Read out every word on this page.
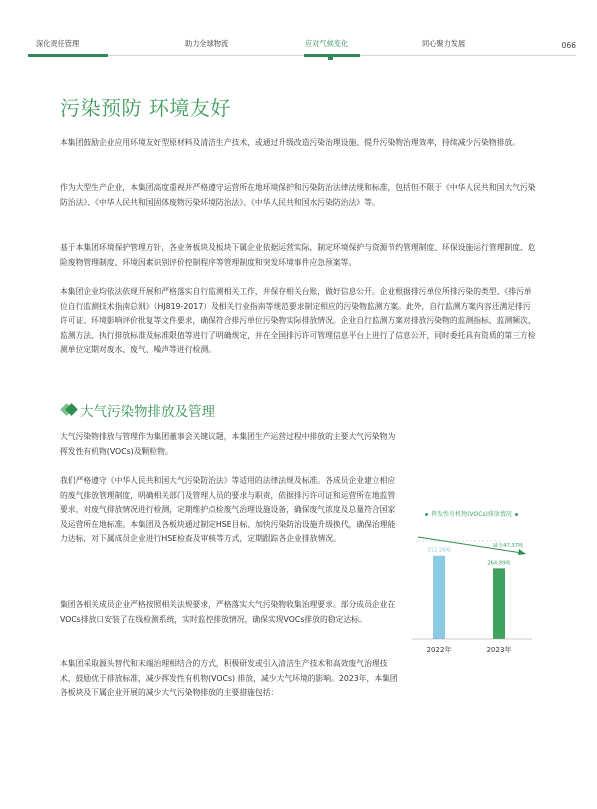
深化责任管理	助力全球物流	应对气候变化	同心聚力发展	066
污染预防 环境友好

本集团鼓励企业应用环境友好型原材料及清洁生产技术，或通过升级改造污染治理设施、提升污染物治理效率，持续减少污染物排放。

作为大型生产企业，本集团高度重视并严格遵守运营所在地环境保护和污染防治法律法规和标准，包括但不限于《中华人民共和国大气污染防治法》、《中华人民共和国固体废物污染环境防治法》、《中华人民共和国水污染防治法》等。

基于本集团环境保护管理方针，各业务板块及板块下属企业依据运营实际，制定环境保护与资源节约管理制度、环保设施运行管理制度、危险废物管理制度、环境因素识别评价控制程序等管理制度和突发环境事件应急预案等。

本集团企业均依法依规开展和严格落实自行监测相关工作，并保存相关台账，做好信息公开。企业根据排污单位所排污染的类型、《排污单位自行监测技术指南总则》（HJ819-2017）及相关行业指南等规范要求制定相应的污染物监测方案。此外，自行监测方案内容还满足排污许可证、环境影响评价批复等文件要求，确保符合排污单位污染物实际排放情况。企业自行监测方案对排放污染物的监测指标、监测频次、监测方法、执行排放标准及标准限值等进行了明确规定，并在全国排污许可管理信息平台上进行了信息公开，同时委托具有资质的第三方检测单位定期对废水、废气、噪声等进行检测。

大气污染物排放及管理

大气污染物排放与管理作为集团董事会关键议题，本集团生产运营过程中排放的主要大气污染物为挥发性有机物(VOCs)及颗粒物。

我们严格遵守《中华人民共和国大气污染防治法》等适用的法律法规及标准。各成员企业建立相应的废气排放管理制度，明确相关部门及管理人员的要求与职责，依据排污许可证和运营所在地监管要求，对废气排放情况进行检测，定期维护点检废气治理设施设备，确保废气浓度及总量符合国家及运营所在地标准。本集团及各板块通过制定HSE目标、加快污染防治设施升级换代，确保治理能力达标，对下属成员企业进行HSE检查及审核等方式，定期跟踪各企业排放情况。

集团各相关成员企业严格按照相关法规要求，严格落实大气污染物收集治理要求。部分成员企业在VOCs排放口安装了在线检测系统，实时监控排放情况，确保实现VOCs排放的稳定达标。

本集团采取源头替代和末端治理相结合的方式，积极研发或引入清洁生产技术和高效废气治理技术，鼓励优于排放标准，减少挥发性有机物(VOCs) 排放，减少大气环境的影响。2023年，本集团各板块及下属企业开展的减少大气污染物排放的主要措施包括：

挥发性有机物(VOCs)排放情况
减少47.37吨
312.26吨
2022年
264.89吨
2023年
